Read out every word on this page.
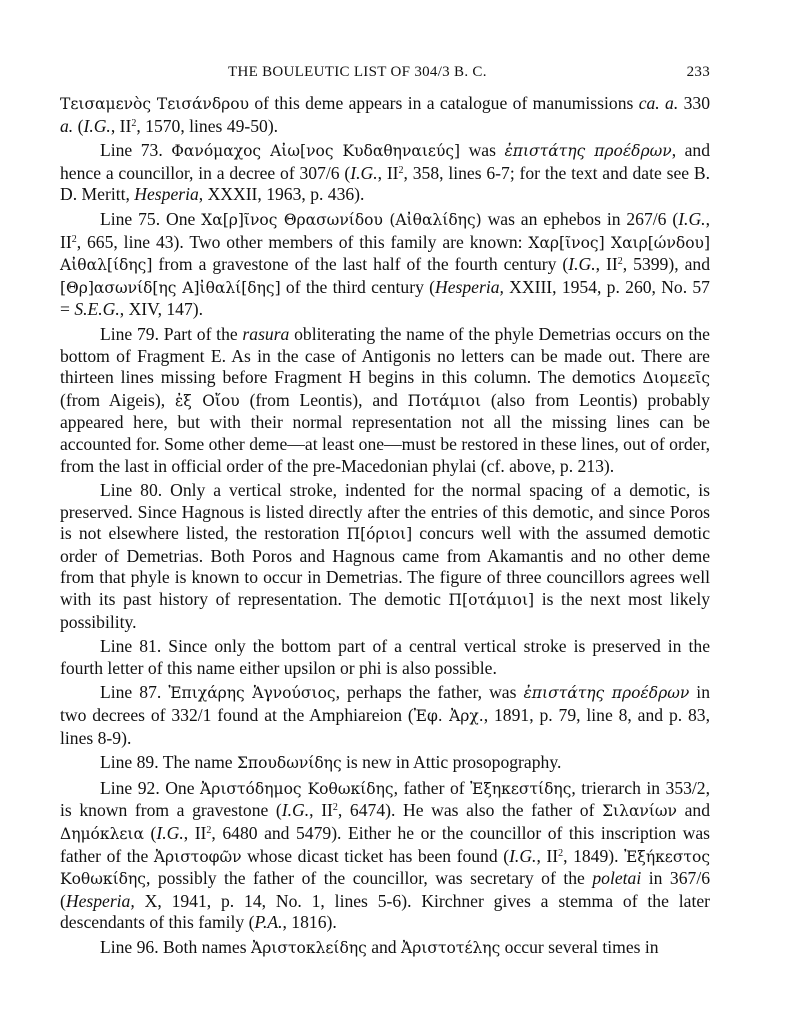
THE BOULEUTIC LIST OF 304/3 B. C.	233

Τεισαμενὸς Τεισάνδρου of this deme appears in a catalogue of manumissions ca. a. 330 a. (I.G., $II^2$, 1570, lines 49-50).

Line 73. Φανόμαχος Αἰω[νος Κυδαθηναιεύς] was ἐπιστάτης προέδρων, and hence a councillor, in a decree of 307/6 (I.G., $II^2$, 358, lines 6-7; for the text and date see B. D. Meritt, Hesperia, XXXII, 1963, p. 436).

Line 75. One Χα[ρ]ῖνος Θρασωνίδου (Αἰθαλίδης) was an ephebos in 267/6 (I.G., $II^2$, 665, line 43). Two other members of this family are known: Χαρ[ῖνος] Χαιρ[ώνδου] Αἰθαλ[ίδης] from a gravestone of the last half of the fourth century (I.G., $II^2$, 5399), and [Θρ]ασωνίδ[ης Α]ἰθαλί[δης] of the third century (Hesperia, XXIII, 1954, p. 260, No. 57 = S.E.G., XIV, 147).

Line 79. Part of the rasura obliterating the name of the phyle Demetrias occurs on the bottom of Fragment E. As in the case of Antigonis no letters can be made out. There are thirteen lines missing before Fragment H begins in this column. The demotics Διομεεῖς (from Aigeis), ἐξ Οἴου (from Leontis), and Ποτάμιοι (also from Leontis) probably appeared here, but with their normal representation not all the missing lines can be accounted for. Some other deme—at least one—must be restored in these lines, out of order, from the last in official order of the pre-Macedonian phylai (cf. above, p. 213).

Line 80. Only a vertical stroke, indented for the normal spacing of a demotic, is preserved. Since Hagnous is listed directly after the entries of this demotic, and since Poros is not elsewhere listed, the restoration Π[όριοι] concurs well with the assumed demotic order of Demetrias. Both Poros and Hagnous came from Akamantis and no other deme from that phyle is known to occur in Demetrias. The figure of three councillors agrees well with its past history of representation. The demotic Π[οτάμιοι] is the next most likely possibility.

Line 81. Since only the bottom part of a central vertical stroke is preserved in the fourth letter of this name either upsilon or phi is also possible.

Line 87. Ἐπιχάρης Ἁγνούσιος, perhaps the father, was ἐπιστάτης προέδρων in two decrees of 332/1 found at the Amphiareion (Ἐφ. Ἀρχ., 1891, p. 79, line 8, and p. 83, lines 8-9).

Line 89. The name Σπουδωνίδης is new in Attic prosopography.

Line 92. One Ἀριστόδημος Κοθωκίδης, father of Ἐξηκεστίδης, trierarch in 353/2, is known from a gravestone (I.G., $II^2$, 6474). He was also the father of Σιλανίων and Δημόκλεια (I.G., $II^2$, 6480 and 5479). Either he or the councillor of this inscription was father of the Ἀριστοφῶν whose dicast ticket has been found (I.G., $II^2$, 1849). Ἐξήκεστος Κοθωκίδης, possibly the father of the councillor, was secretary of the poletai in 367/6 (Hesperia, X, 1941, p. 14, No. 1, lines 5-6). Kirchner gives a stemma of the later descendants of this family (P.A., 1816).

Line 96. Both names Ἀριστοκλείδης and Ἀριστοτέλης occur several times in
